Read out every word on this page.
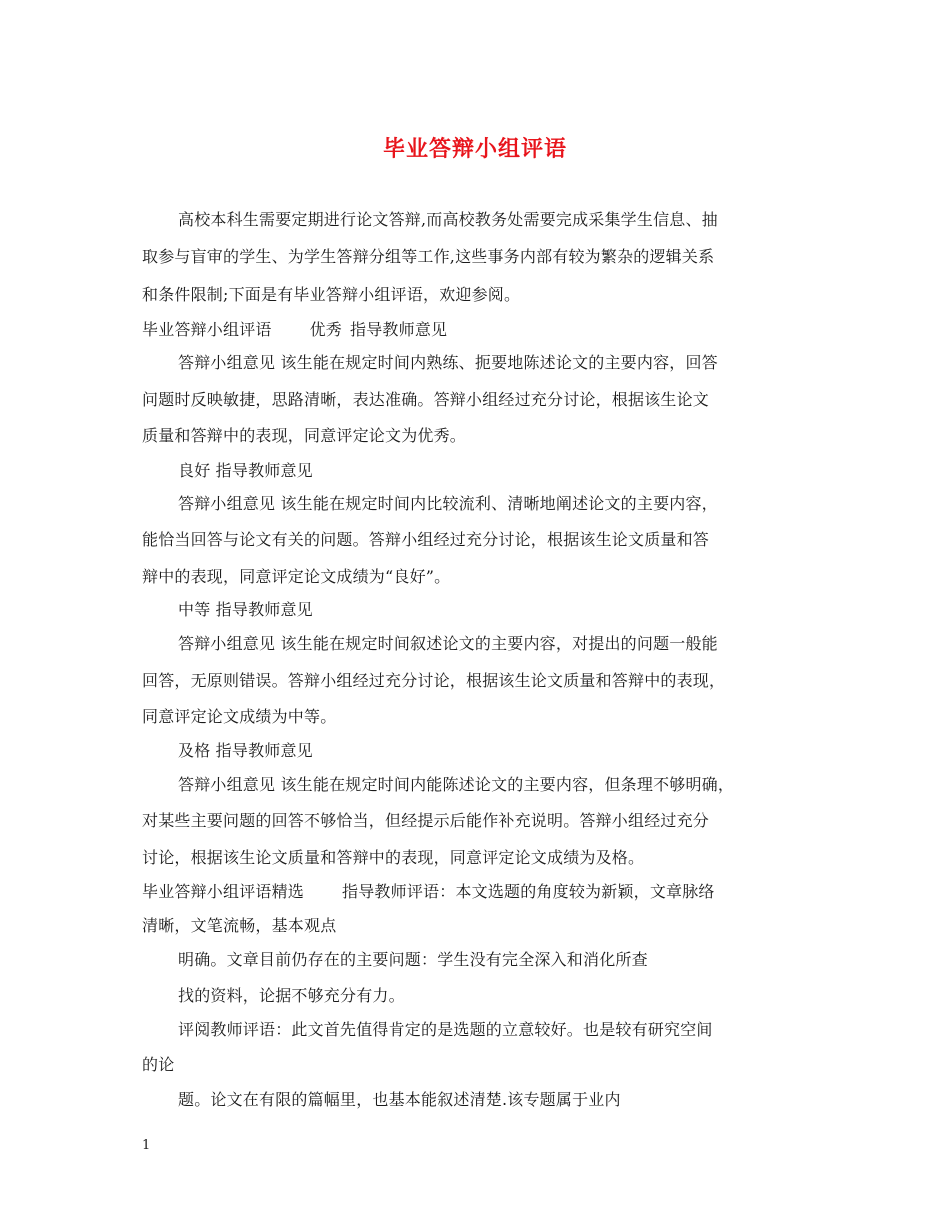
毕业答辩小组评语
高校本科生需要定期进行论文答辩,而高校教务处需要完成采集学生信息、抽
取参与盲审的学生、为学生答辩分组等工作,这些事务内部有较为繁杂的逻辑关系
和条件限制;下面是有毕业答辩小组评语，欢迎参阅。
毕业答辩小组评语 优秀 指导教师意见
答辩小组意见 该生能在规定时间内熟练、扼要地陈述论文的主要内容，回答
问题时反映敏捷，思路清晰，表达准确。答辩小组经过充分讨论，根据该生论文
质量和答辩中的表现，同意评定论文为优秀。
良好 指导教师意见
答辩小组意见 该生能在规定时间内比较流利、清晰地阐述论文的主要内容，
能恰当回答与论文有关的问题。答辩小组经过充分讨论，根据该生论文质量和答
辩中的表现，同意评定论文成绩为“良好”。
中等 指导教师意见
答辩小组意见 该生能在规定时间叙述论文的主要内容，对提出的问题一般能
回答，无原则错误。答辩小组经过充分讨论，根据该生论文质量和答辩中的表现，
同意评定论文成绩为中等。
及格 指导教师意见
答辩小组意见 该生能在规定时间内能陈述论文的主要内容，但条理不够明确，
对某些主要问题的回答不够恰当，但经提示后能作补充说明。答辩小组经过充分
讨论，根据该生论文质量和答辩中的表现，同意评定论文成绩为及格。
毕业答辩小组评语精选 指导教师评语：本文选题的角度较为新颖，文章脉络
清晰，文笔流畅，基本观点
明确。文章目前仍存在的主要问题：学生没有完全深入和消化所查
找的资料，论据不够充分有力。
评阅教师评语：此文首先值得肯定的是选题的立意较好。也是较有研究空间
的论
题。论文在有限的篇幅里，也基本能叙述清楚.该专题属于业内
1
